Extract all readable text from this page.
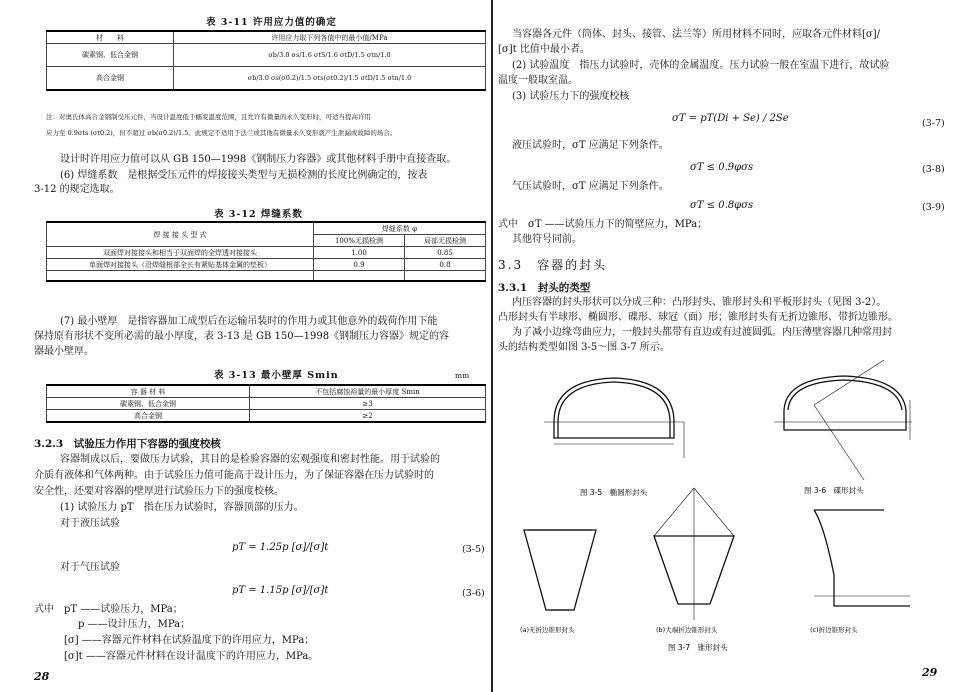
表 3-11 许用应力值的确定
材　　料	许用应力取下列各值中的最小值/MPa
碳素钢、低合金钢	σb/3.0 σs/1.6 σtS/1.6 σtD/1.5 σtn/1.0
高合金钢	σb/3.0 σs(σ0.2)/1.5 σts(σt0.2)/1.5 σtD/1.5 σtn/1.0
注：对奥氏体高合金钢制受压元件，当设计温度低于蠕变温度范围，且允许有微量的永久变形时，可适当提高许用
应力至 0.9σts (σt0.2)，但不超过 σb(σ0.2)/1.5。此规定不适用于法兰或其他有微量永久变形就产生泄漏或故障的场合。
设计时许用应力值可以从 GB 150—1998《钢制压力容器》或其他材料手册中直接查取。
(6) 焊缝系数　是根据受压元件的焊接接头类型与无损检测的长度比例确定的，按表
3-12 的规定选取。
表 3-12 焊缝系数
焊 接 接 头 型 式	焊缝系数 φ	
	100%无损检测	局部无损检测
双面焊对接接头和相当于双面焊的全焊透对接接头	1.00	0.85
单面焊对接接头（沿焊缝根部全长有紧贴基体金属的垫板）	0.9	0.8

(7) 最小壁厚　是指容器加工成型后在运输吊装时的作用力或其他意外的载荷作用下能
保持原有形状不变所必需的最小厚度，表 3-13 是 GB 150—1998《钢制压力容器》规定的容
器最小壁厚。
表 3-13 最小壁厚 Smin	mm
容 器 材 料	不包括腐蚀裕量的最小厚度 Smin
碳素钢、低合金钢	≥3
高合金钢	≥2
3.2.3　试验压力作用下容器的强度校核
容器制成以后，要做压力试验，其目的是检验容器的宏观强度和密封性能。用于试验的
介质有液体和气体两种。由于试验压力值可能高于设计压力，为了保证容器在压力试验时的
安全性，还要对容器的壁厚进行试验压力下的强度校核。
(1) 试验压力 pT　指在压力试验时，容器顶部的压力。
对于液压试验
pT = 1.25p [σ]/[σ]t	(3-5)
对于气压试验
pT = 1.15p [σ]/[σ]t	(3-6)
式中　pT ——试验压力，MPa；
p ——设计压力，MPa；
[σ] ——容器元件材料在试验温度下的许用应力，MPa；
[σ]t ——容器元件材料在设计温度下的许用应力，MPa。
28
当容器各元件（筒体、封头、接管、法兰等）所用材料不同时，应取各元件材料[σ]/
[σ]t 比值中最小者。
(2) 试验温度　指压力试验时，壳体的金属温度。压力试验一般在室温下进行，故试验
温度一般取室温。
(3) 试验压力下的强度校核
σT = pT(Di + Se) / 2Se	(3-7)
液压试验时，σT 应满足下列条件。
σT ≤ 0.9φσs	(3-8)
气压试验时，σT 应满足下列条件。
σT ≤ 0.8φσs	(3-9)
式中　σT ——试验压力下的简壁应力，MPa；
其他符号同前。
3.3　容器的封头
3.3.1　封头的类型
内压容器的封头形状可以分成三种：凸形封头、锥形封头和平板形封头（见图 3-2）。
凸形封头有半球形、椭圆形、碟形、球冠（面）形；锥形封头有无折边锥形、带折边锥形。
为了减小边缘弯曲应力，一般封头都带有直边或有过渡圆弧。内压薄壁容器几种常用封
头的结构类型如图 3-5～图 3-7 所示。
图 3-5　椭圆形封头	图 3-6　碟形封头
(a)无折边锥形封头	(b)大端折边锥形封头	(c)折边锥形封头
图 3-7　锥形封头
29
